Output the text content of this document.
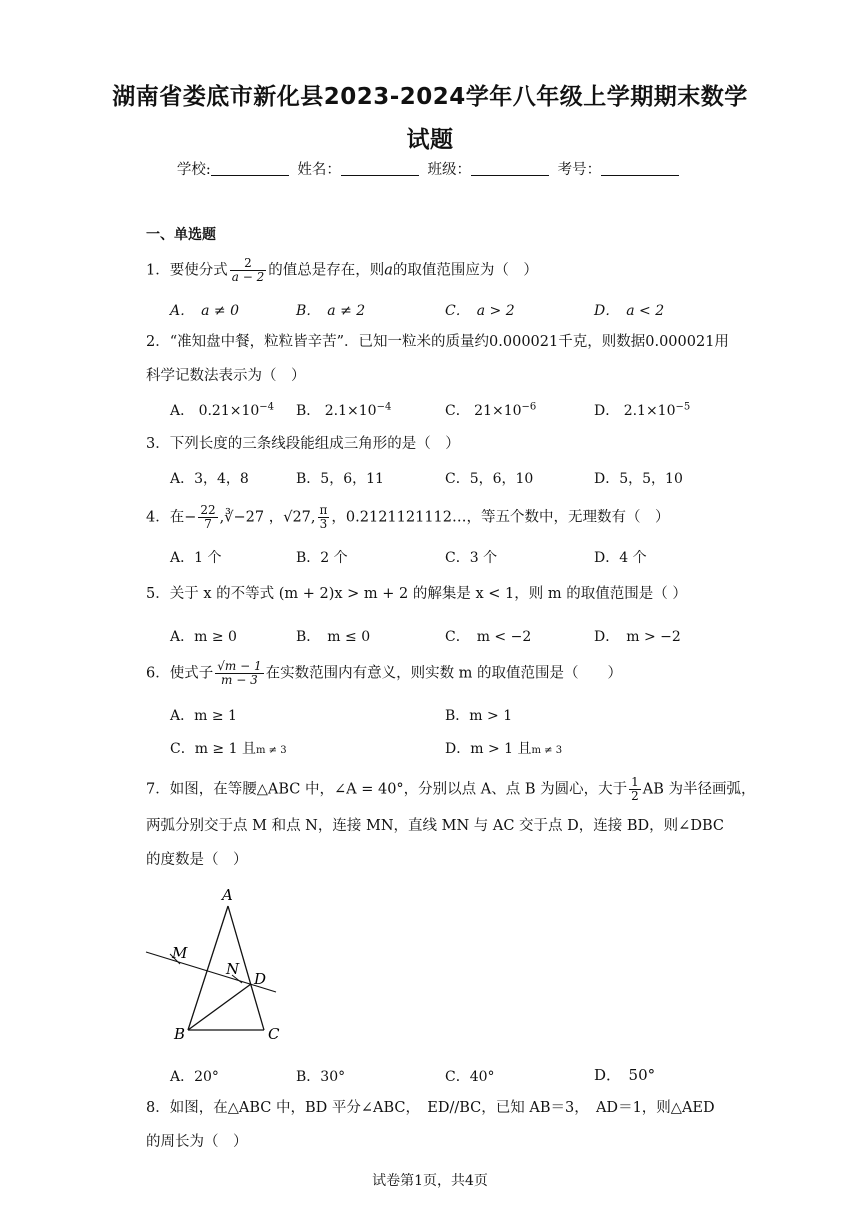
湖南省娄底市新化县2023-2024学年八年级上学期期末数学
试题
学校:	姓名：	班级：	考号：
一、单选题
1．要使分式 $\frac{2}{a - 2}$ 的值总是存在，则a的取值范围应为（　）
A．　a ≠ 0	B．　a ≠ 2	C．　a > 2	D．　a < 2
2．“准知盘中餐，粒粒皆辛苦”．已知一粒米的质量约0.000021千克，则数据0.000021用
科学记数法表示为（　）
A． $0.21\times 10^{-4}$ B． $2.1\times 10^{-4}$	C． $21\times 10^{-6}$	D． $2.1\times 10^{-5}$
3．下列长度的三条线段能组成三角形的是（　）
A．3，4，8	B．5，6，11	C．5，6，10	D．5，5，10
4．在− $\frac{22}{7}$ ,∛−27 ，√27, $\frac{\pi}{3}$ ，0.2121121112…，等五个数中，无理数有（　）
A．1 个	B．2 个	C．3 个	D．4 个
5．关于 x 的不等式 (m + 2)x > m + 2 的解集是 x < 1，则 m 的取值范围是（ ）
A．m ≥ 0	B．　m ≤ 0	C．　m < −2	D．　m > −2
6．使式子 $\frac{√m - 1}{m - 3}$ 在实数范围内有意义，则实数 m 的取值范围是（　　）
A．m ≥ 1	B．m > 1
C．m ≥ 1 且m ≠ 3	D．m > 1 且m ≠ 3
7．如图，在等腰△ABC 中，∠A = 40°，分别以点 A、点 B 为圆心，大于 $\frac{1}{2}$ AB 为半径画弧，
两弧分别交于点 M 和点 N，连接 MN，直线 MN 与 AC 交于点 D，连接 BD，则∠DBC
的度数是（　）
A
M
N
D
B	C
A．20°	B．30°	C．40°	D．　50°
8．如图，在△ABC 中，BD 平分∠ABC，　ED//BC，已知 AB＝3，　AD＝1，则△AED
的周长为（　）
试卷第1页，共4页
